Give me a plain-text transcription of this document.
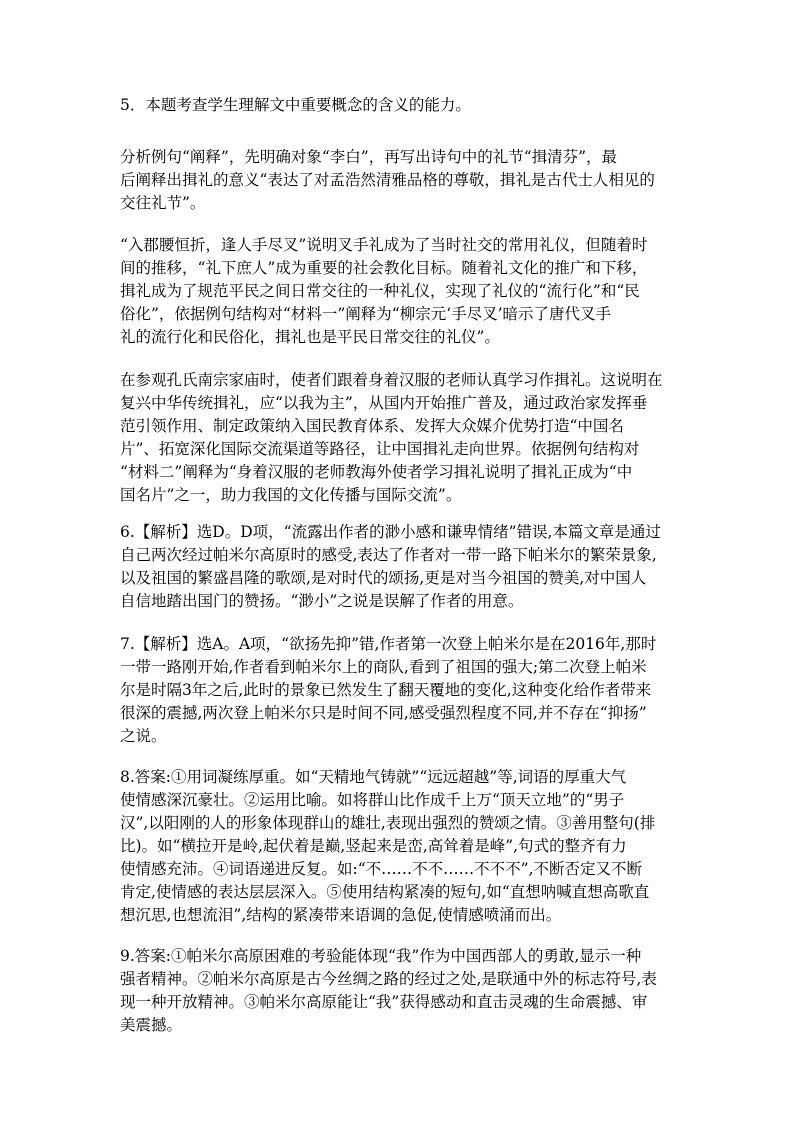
5．本题考查学生理解文中重要概念的含义的能力。
分析例句“阐释”，先明确对象“李白”，再写出诗句中的礼节“揖清芬”，最
后阐释出揖礼的意义“表达了对孟浩然清雅品格的尊敬，揖礼是古代士人相见的
交往礼节”。
“入郡腰恒折，逢人手尽叉”说明叉手礼成为了当时社交的常用礼仪，但随着时
间的推移，“礼下庶人”成为重要的社会教化目标。随着礼文化的推广和下移，
揖礼成为了规范平民之间日常交往的一种礼仪，实现了礼仪的“流行化”和“民
俗化”，依据例句结构对“材料一”阐释为“柳宗元‘手尽叉’暗示了唐代叉手
礼的流行化和民俗化，揖礼也是平民日常交往的礼仪”。
在参观孔氏南宗家庙时，使者们跟着身着汉服的老师认真学习作揖礼。这说明在
复兴中华传统揖礼，应“以我为主”，从国内开始推广普及，通过政治家发挥垂
范引领作用、制定政策纳入国民教育体系、发挥大众媒介优势打造“中国名
片”、拓宽深化国际交流渠道等路径，让中国揖礼走向世界。依据例句结构对
“材料二”阐释为“身着汉服的老师教海外使者学习揖礼说明了揖礼正成为“中
国名片”之一，助力我国的文化传播与国际交流”。
6.【解析】选D。D项，“流露出作者的渺小感和谦卑情绪”错误,本篇文章是通过
自己两次经过帕米尔高原时的感受,表达了作者对一带一路下帕米尔的繁荣景象,
以及祖国的繁盛昌隆的歌颂,是对时代的颂扬,更是对当今祖国的赞美,对中国人
自信地踏出国门的赞扬。“渺小”之说是误解了作者的用意。
7.【解析】选A。A项，“欲扬先抑”错,作者第一次登上帕米尔是在2016年,那时
一带一路刚开始,作者看到帕米尔上的商队,看到了祖国的强大;第二次登上帕米
尔是时隔3年之后,此时的景象已然发生了翻天覆地的变化,这种变化给作者带来
很深的震撼,两次登上帕米尔只是时间不同,感受强烈程度不同,并不存在“抑扬”
之说。
8.答案:①用词凝练厚重。如“天精地气铸就”“远远超越”等,词语的厚重大气
使情感深沉豪壮。②运用比喻。如将群山比作成千上万“顶天立地”的“男子
汉”,以阳刚的人的形象体现群山的雄壮,表现出强烈的赞颂之情。③善用整句(排
比)。如“横拉开是岭,起伏着是巅,竖起来是峦,高耸着是峰”,句式的整齐有力
使情感充沛。④词语递进反复。如:“不……不不……不不不”,不断否定又不断
肯定,使情感的表达层层深入。⑤使用结构紧凑的短句,如“直想呐喊直想高歌直
想沉思,也想流泪”,结构的紧凑带来语调的急促,使情感喷涌而出。
9.答案:①帕米尔高原困难的考验能体现“我”作为中国西部人的勇敢,显示一种
强者精神。②帕米尔高原是古今丝绸之路的经过之处,是联通中外的标志符号,表
现一种开放精神。③帕米尔高原能让“我”获得感动和直击灵魂的生命震撼、审
美震撼。
